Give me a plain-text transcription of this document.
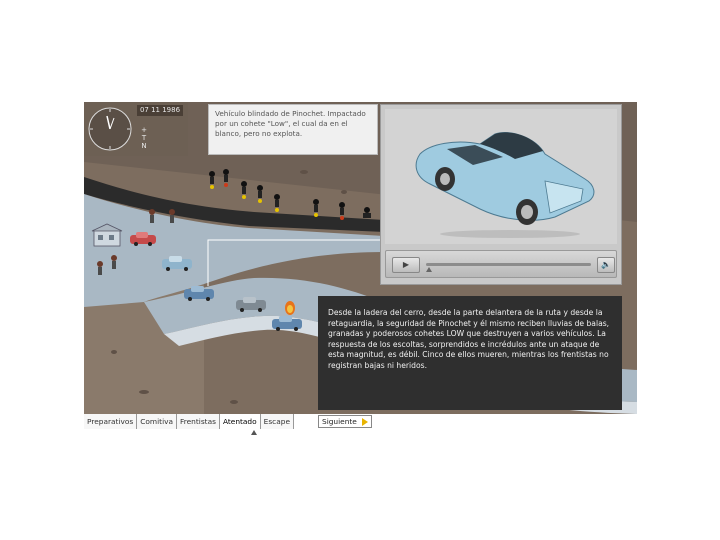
07 11 1986
+
T
N
Vehículo blindado de Pinochet. Impactado por un cohete "Low", el cual da en el blanco, pero no explota.
▶	🔈
Desde la ladera del cerro, desde la parte delantera de la ruta y desde la retaguardia, la seguridad de Pinochet y él mismo reciben lluvias de balas, granadas y poderosos cohetes LOW que destruyen a varios vehículos. La respuesta de los escoltas, sorprendidos e incrédulos ante un ataque de esta magnitud, es débil. Cinco de ellos mueren, mientras los frentistas no registran bajas ni heridos.
Preparativos Comitiva Frentistas Atentado Escape	Siguiente
